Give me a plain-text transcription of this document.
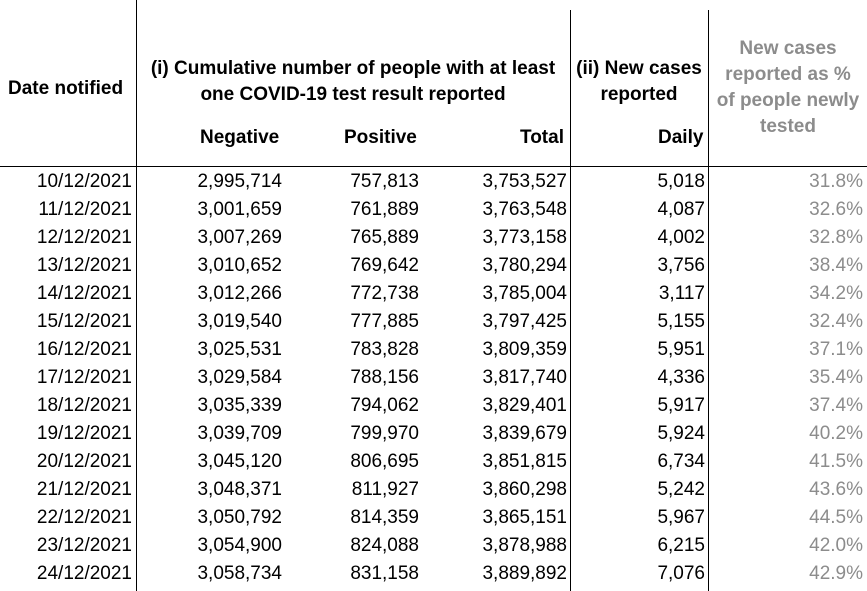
Date notified
(i) Cumulative number of people with at least
one COVID-19 test result reported
Negative	Positive	Total
(ii) New cases
reported
Daily
New cases
reported as %
of people newly
tested
10/12/2021	2,995,714	757,813	3,753,527	5,018	31.8%
11/12/2021	3,001,659	761,889	3,763,548	4,087	32.6%
12/12/2021	3,007,269	765,889	3,773,158	4,002	32.8%
13/12/2021	3,010,652	769,642	3,780,294	3,756	38.4%
14/12/2021	3,012,266	772,738	3,785,004	3,117	34.2%
15/12/2021	3,019,540	777,885	3,797,425	5,155	32.4%
16/12/2021	3,025,531	783,828	3,809,359	5,951	37.1%
17/12/2021	3,029,584	788,156	3,817,740	4,336	35.4%
18/12/2021	3,035,339	794,062	3,829,401	5,917	37.4%
19/12/2021	3,039,709	799,970	3,839,679	5,924	40.2%
20/12/2021	3,045,120	806,695	3,851,815	6,734	41.5%
21/12/2021	3,048,371	811,927	3,860,298	5,242	43.6%
22/12/2021	3,050,792	814,359	3,865,151	5,967	44.5%
23/12/2021	3,054,900	824,088	3,878,988	6,215	42.0%
24/12/2021	3,058,734	831,158	3,889,892	7,076	42.9%
